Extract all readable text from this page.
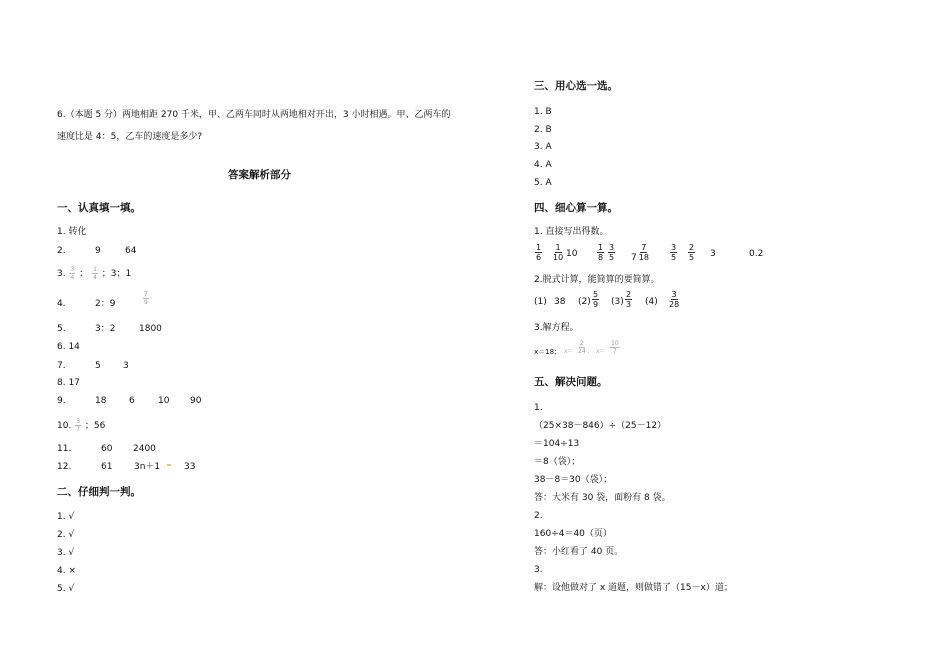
6.（本题 5 分）两地相距 270 千米，甲、乙两车同时从两地相对开出，3 小时相遇。甲、乙两车的
速度比是 4：5，乙车的速度是多少?
答案解析部分
一、认真填一填。
1. 转化
2.	9	64
3. $\frac{3}{4}$ ； $\frac{1}{4}$ ；3；1
4.	2：9	$\frac{7}{9}$
5.	3：2	1800
6. 14
7.	5 3
8. 17
9.	18	6	10 90
10. $\frac{3}{7}$ ；56
11.	60 2400
12.	61 3n＋1	33
二、仔细判一判。
1. √
2. √
3. √
4. ×
5. √
三、用心选一选。
1. B
2. B
3. A
4. A
5. A
四、细心算一算。
1. 直接写出得数。
$\frac{1}{6} \frac{1}{10} 10 \frac{1}{8} \frac{3}{5} 7 \frac{7}{18}$	$\frac{3}{5} \frac{2}{5} 3$	0.2
2.脱式计算，能简算的要简算。
(1) 38 $(2) \frac{5}{9} (3) \frac{2}{3} (4) \frac{3}{28}$
3.解方程。
x＝18； $x= \frac{2}{24}$ ； $x= \frac{10}{7}$
五、解决问题。
1.
（25×38－846）÷（25－12）
＝104÷13
＝8（袋）；
38－8＝30（袋）；
答：大米有 30 袋，面粉有 8 袋。
2.
160÷4＝40（页）
答：小红看了 40 页。
3.
解：设他做对了 x 道题，则做错了（15－x）道；
